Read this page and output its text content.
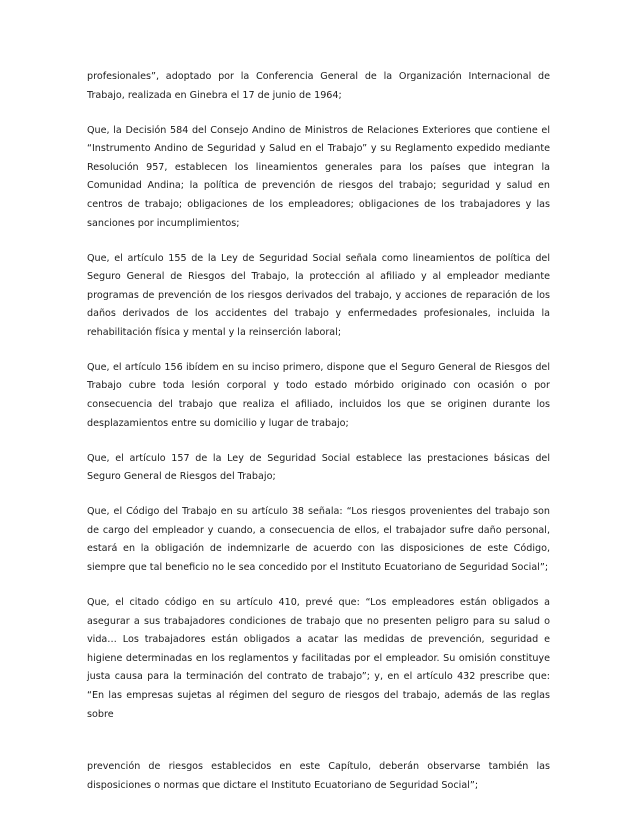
profesionales”, adoptado por la Conferencia General de la Organización Internacional de Trabajo, realizada en Ginebra el 17 de junio de 1964;

Que, la Decisión 584 del Consejo Andino de Ministros de Relaciones Exteriores que contiene el “Instrumento Andino de Seguridad y Salud en el Trabajo” y su Reglamento expedido mediante Resolución 957, establecen los lineamientos generales para los países que integran la Comunidad Andina; la política de prevención de riesgos del trabajo; seguridad y salud en centros de trabajo; obligaciones de los empleadores; obligaciones de los trabajadores y las sanciones por incumplimientos;

Que, el artículo 155 de la Ley de Seguridad Social señala como lineamientos de política del Seguro General de Riesgos del Trabajo, la protección al afiliado y al empleador mediante programas de prevención de los riesgos derivados del trabajo, y acciones de reparación de los daños derivados de los accidentes del trabajo y enfermedades profesionales, incluida la rehabilitación física y mental y la reinserción laboral;

Que, el artículo 156 ibídem en su inciso primero, dispone que el Seguro General de Riesgos del Trabajo cubre toda lesión corporal y todo estado mórbido originado con ocasión o por consecuencia del trabajo que realiza el afiliado, incluidos los que se originen durante los desplazamientos entre su domicilio y lugar de trabajo;

Que, el artículo 157 de la Ley de Seguridad Social establece las prestaciones básicas del Seguro General de Riesgos del Trabajo;

Que, el Código del Trabajo en su artículo 38 señala: “Los riesgos provenientes del trabajo son de cargo del empleador y cuando, a consecuencia de ellos, el trabajador sufre daño personal, estará en la obligación de indemnizarle de acuerdo con las disposiciones de este Código, siempre que tal beneficio no le sea concedido por el Instituto Ecuatoriano de Seguridad Social”;

Que, el citado código en su artículo 410, prevé que: “Los empleadores están obligados a asegurar a sus trabajadores condiciones de trabajo que no presenten peligro para su salud o vida… Los trabajadores están obligados a acatar las medidas de prevención, seguridad e higiene determinadas en los reglamentos y facilitadas por el empleador. Su omisión constituye justa causa para la terminación del contrato de trabajo”; y, en el artículo 432 prescribe que: “En las empresas sujetas al régimen del seguro de riesgos del trabajo, además de las reglas sobre

prevención de riesgos establecidos en este Capítulo, deberán observarse también las disposiciones o normas que dictare el Instituto Ecuatoriano de Seguridad Social”;
